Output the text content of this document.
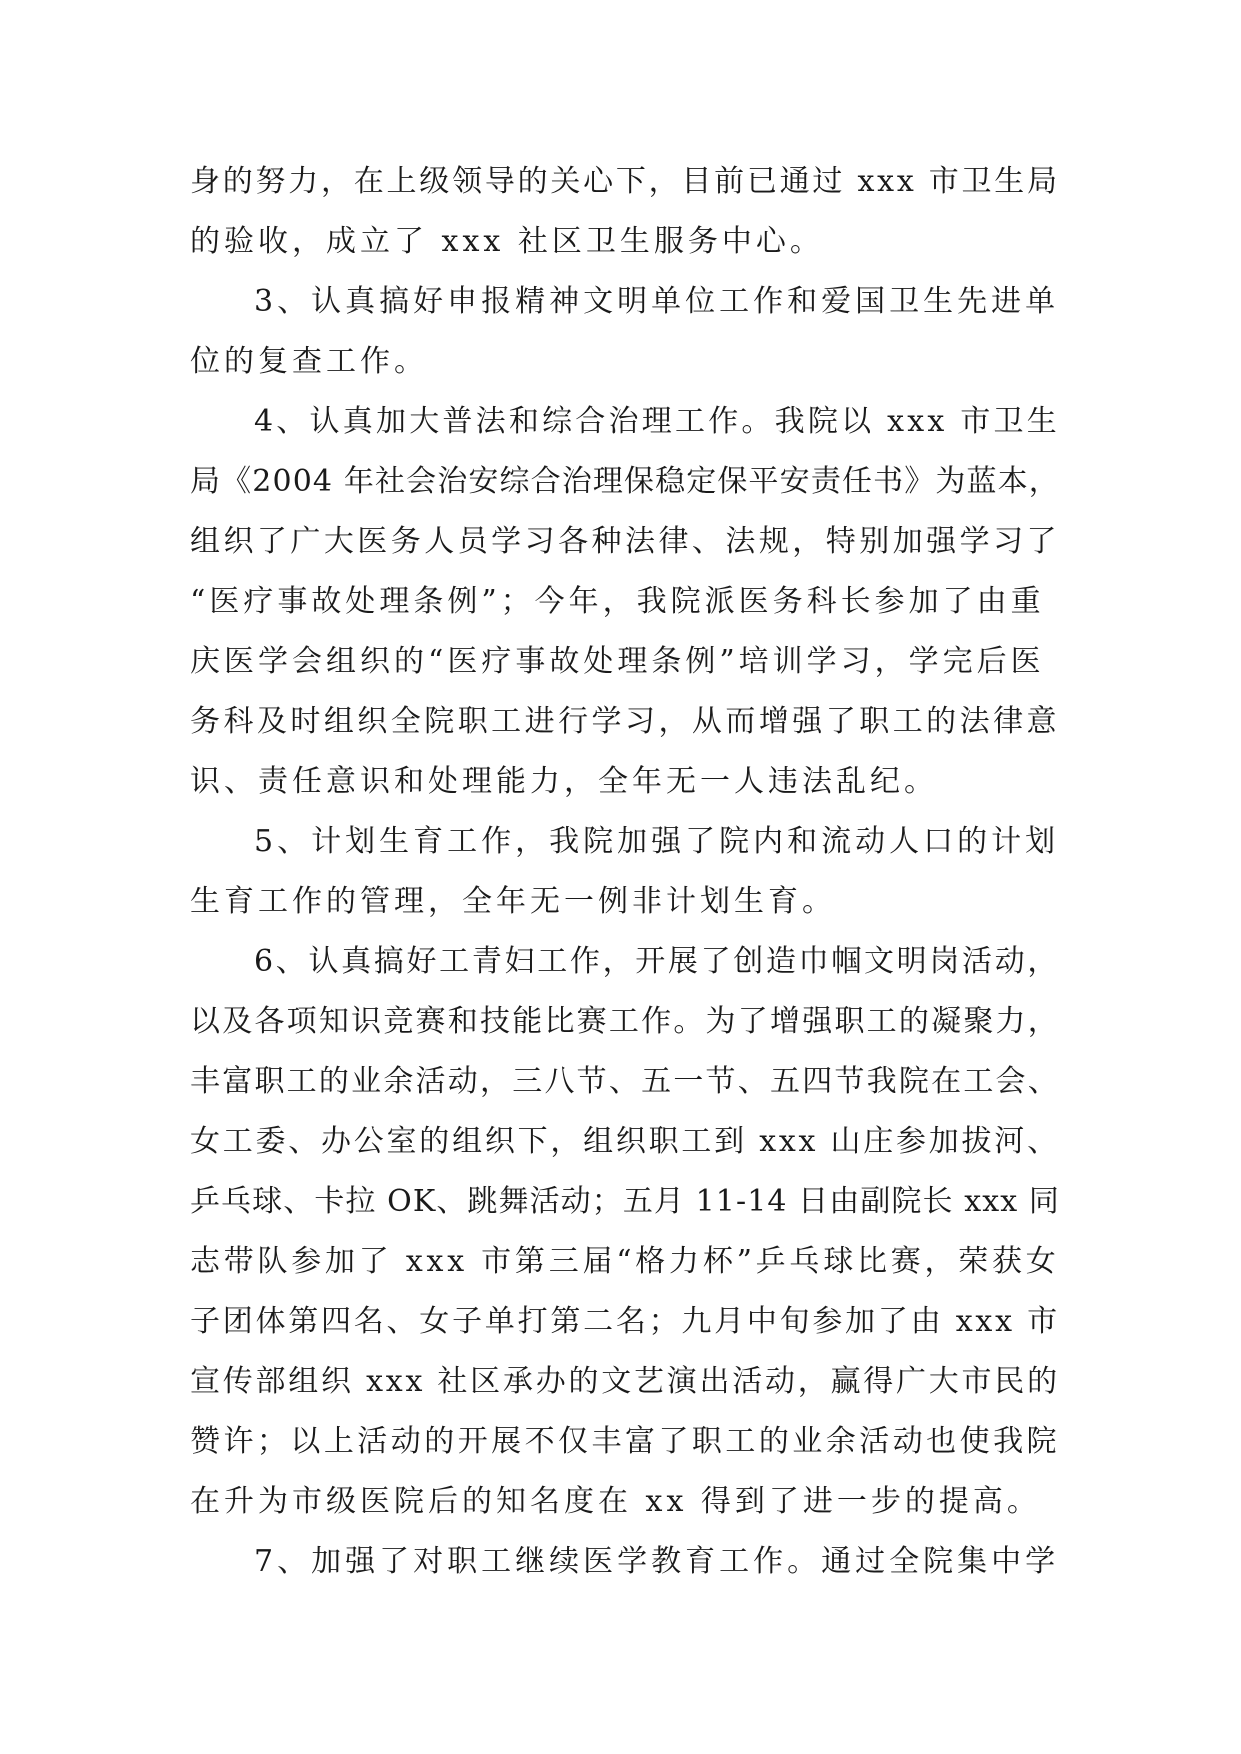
身的努力，在上级领导的关心下，目前已通过 xxx 市卫生局
的验收，成立了 xxx 社区卫生服务中心。
3、认真搞好申报精神文明单位工作和爱国卫生先进单
位的复查工作。
4、认真加大普法和综合治理工作。我院以 xxx 市卫生
局《2004 年社会治安综合治理保稳定保平安责任书》为蓝本，
组织了广大医务人员学习各种法律、法规，特别加强学习了
“医疗事故处理条例”；今年，我院派医务科长参加了由重
庆医学会组织的“医疗事故处理条例”培训学习，学完后医
务科及时组织全院职工进行学习，从而增强了职工的法律意
识、责任意识和处理能力，全年无一人违法乱纪。
5、计划生育工作，我院加强了院内和流动人口的计划
生育工作的管理，全年无一例非计划生育。
6、认真搞好工青妇工作，开展了创造巾帼文明岗活动，
以及各项知识竞赛和技能比赛工作。为了增强职工的凝聚力，
丰富职工的业余活动，三八节、五一节、五四节我院在工会、
女工委、办公室的组织下，组织职工到 xxx 山庄参加拔河、
乒乓球、卡拉 OK、跳舞活动；五月 11-14 日由副院长 xxx 同
志带队参加了 xxx 市第三届“格力杯”乒乓球比赛，荣获女
子团体第四名、女子单打第二名；九月中旬参加了由 xxx 市
宣传部组织 xxx 社区承办的文艺演出活动，赢得广大市民的
赞许；以上活动的开展不仅丰富了职工的业余活动也使我院
在升为市级医院后的知名度在 xx 得到了进一步的提高。
7、加强了对职工继续医学教育工作。通过全院集中学
